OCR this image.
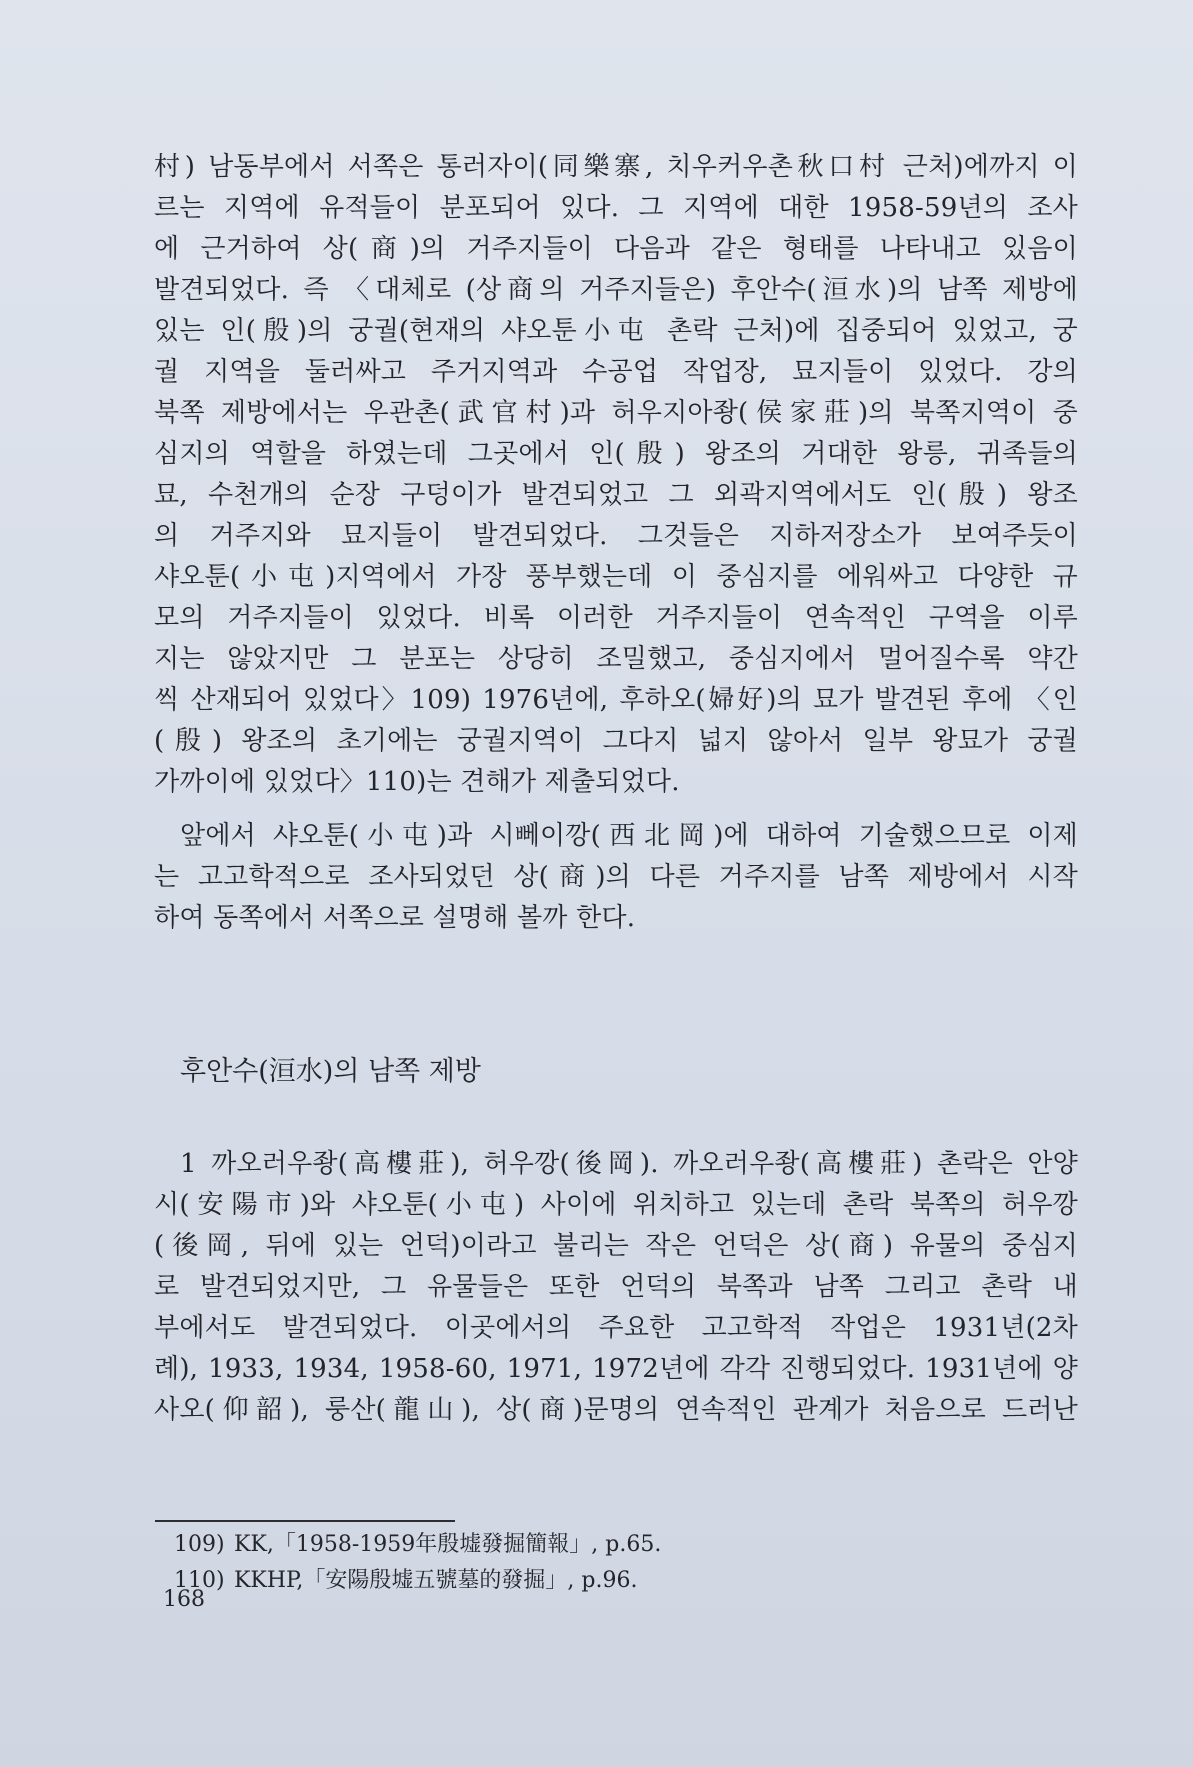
村) 남동부에서 서쪽은 통러자이(同樂寨, 치우커우촌秋口村 근처)에까지 이
르는 지역에 유적들이 분포되어 있다. 그 지역에 대한 1958-59년의 조사
에 근거하여 상(商)의 거주지들이 다음과 같은 형태를 나타내고 있음이
발견되었다. 즉 〈대체로 (상商의 거주지들은) 후안수(洹水)의 남쪽 제방에
있는 인(殷)의 궁궐(현재의 샤오툰小屯 촌락 근처)에 집중되어 있었고, 궁
궐 지역을 둘러싸고 주거지역과 수공업 작업장, 묘지들이 있었다. 강의
북쪽 제방에서는 우관촌(武官村)과 허우지아좡(侯家莊)의 북쪽지역이 중
심지의 역할을 하였는데 그곳에서 인(殷) 왕조의 거대한 왕릉, 귀족들의
묘, 수천개의 순장 구덩이가 발견되었고 그 외곽지역에서도 인(殷) 왕조
의 거주지와 묘지들이 발견되었다. 그것들은 지하저장소가 보여주듯이
샤오툰(小屯)지역에서 가장 풍부했는데 이 중심지를 에워싸고 다양한 규
모의 거주지들이 있었다. 비록 이러한 거주지들이 연속적인 구역을 이루
지는 않았지만 그 분포는 상당히 조밀했고, 중심지에서 멀어질수록 약간
씩 산재되어 있었다〉109) 1976년에, 후하오(婦好)의 묘가 발견된 후에 〈인
(殷) 왕조의 초기에는 궁궐지역이 그다지 넓지 않아서 일부 왕묘가 궁궐
가까이에 있었다〉110)는 견해가 제출되었다.
앞에서 샤오툰(小屯)과 시뻬이깡(西北岡)에 대하여 기술했으므로 이제
는 고고학적으로 조사되었던 상(商)의 다른 거주지를 남쪽 제방에서 시작
하여 동쪽에서 서쪽으로 설명해 볼까 한다.
후안수(洹水)의 남쪽 제방
1 까오러우좡(高樓莊), 허우깡(後岡). 까오러우좡(高樓莊) 촌락은 안양
시(安陽市)와 샤오툰(小屯) 사이에 위치하고 있는데 촌락 북쪽의 허우깡
(後岡, 뒤에 있는 언덕)이라고 불리는 작은 언덕은 상(商) 유물의 중심지
로 발견되었지만, 그 유물들은 또한 언덕의 북쪽과 남쪽 그리고 촌락 내
부에서도 발견되었다. 이곳에서의 주요한 고고학적 작업은 1931년(2차
례), 1933, 1934, 1958-60, 1971, 1972년에 각각 진행되었다. 1931년에 양
사오(仰韶), 룽산(龍山), 상(商)문명의 연속적인 관계가 처음으로 드러난
109) KK,「1958-1959年殷墟發掘簡報」, p.65.
110) KKHP,「安陽殷墟五號墓的發掘」, p.96.
168
